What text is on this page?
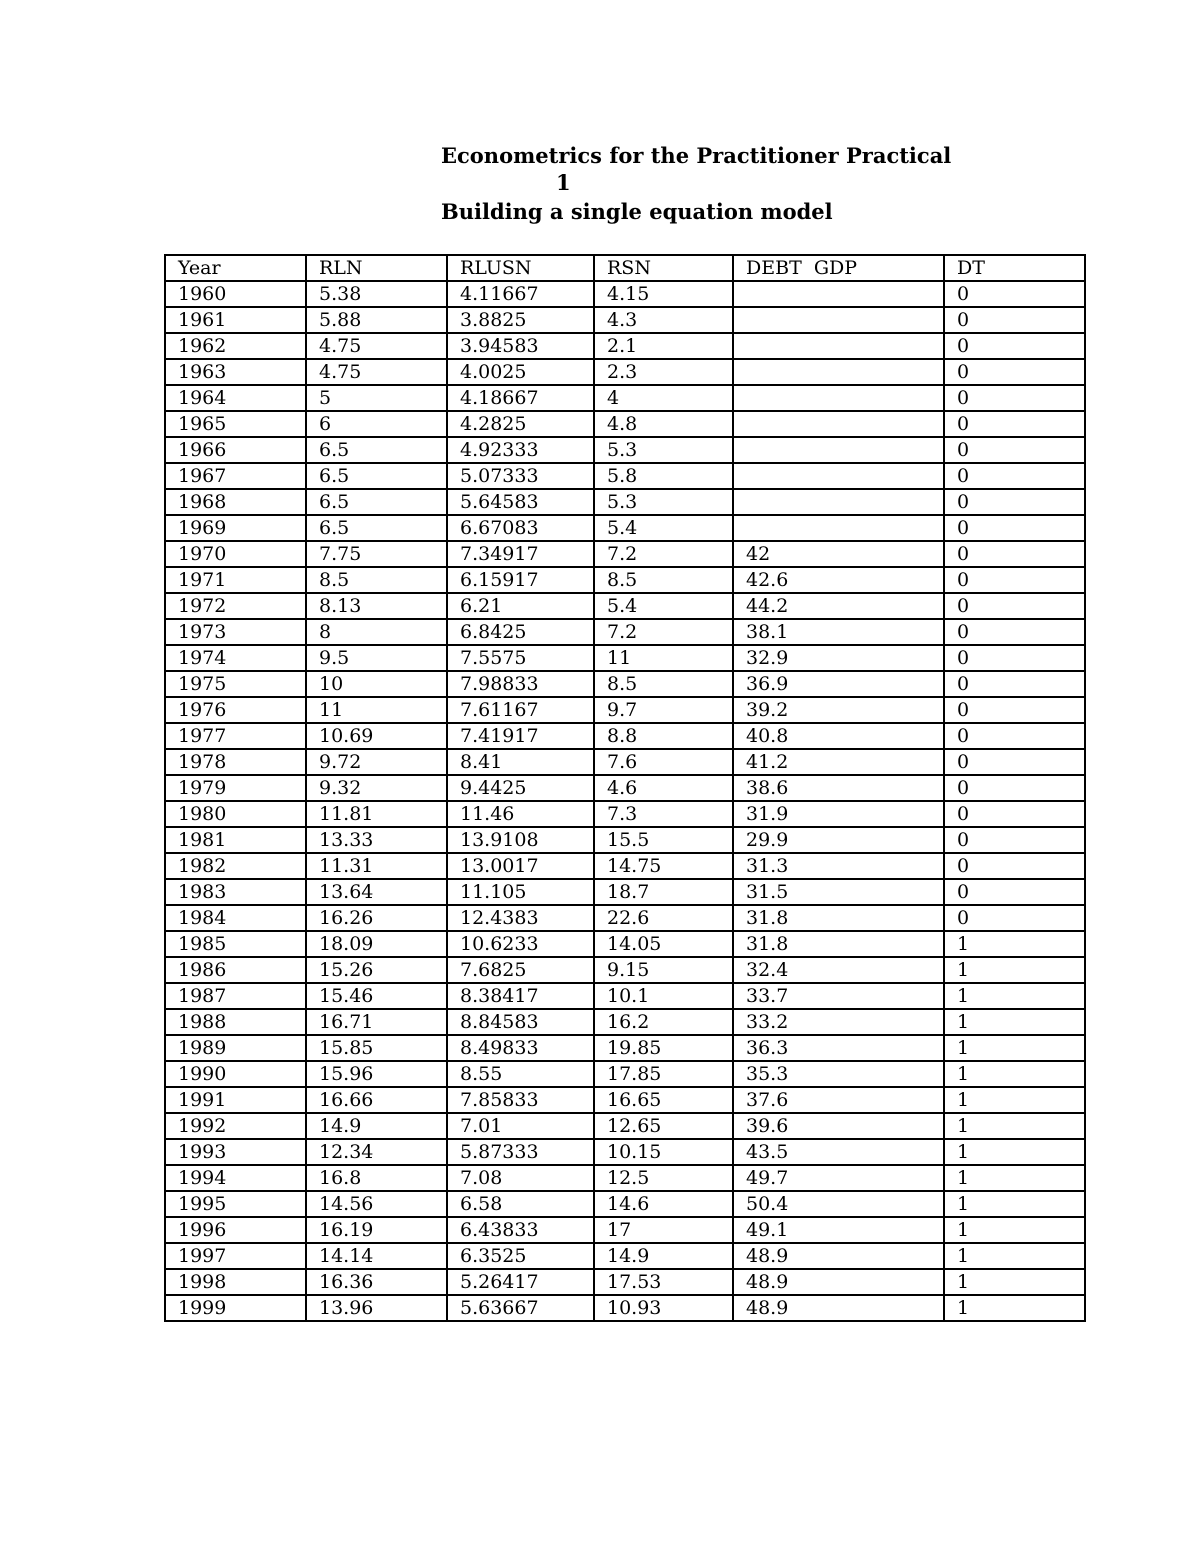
Econometrics for the Practitioner Practical
1
Building a single equation model
Year	RLN	RLUSN	RSN	DEBT  GDP	DT
1960	5.38	4.11667	4.15		0
1961	5.88	3.8825	4.3		0
1962	4.75	3.94583	2.1		0
1963	4.75	4.0025	2.3		0
1964	5	4.18667	4		0
1965	6	4.2825	4.8		0
1966	6.5	4.92333	5.3		0
1967	6.5	5.07333	5.8		0
1968	6.5	5.64583	5.3		0
1969	6.5	6.67083	5.4		0
1970	7.75	7.34917	7.2	42	0
1971	8.5	6.15917	8.5	42.6	0
1972	8.13	6.21	5.4	44.2	0
1973	8	6.8425	7.2	38.1	0
1974	9.5	7.5575	11	32.9	0
1975	10	7.98833	8.5	36.9	0
1976	11	7.61167	9.7	39.2	0
1977	10.69	7.41917	8.8	40.8	0
1978	9.72	8.41	7.6	41.2	0
1979	9.32	9.4425	4.6	38.6	0
1980	11.81	11.46	7.3	31.9	0
1981	13.33	13.9108	15.5	29.9	0
1982	11.31	13.0017	14.75	31.3	0
1983	13.64	11.105	18.7	31.5	0
1984	16.26	12.4383	22.6	31.8	0
1985	18.09	10.6233	14.05	31.8	1
1986	15.26	7.6825	9.15	32.4	1
1987	15.46	8.38417	10.1	33.7	1
1988	16.71	8.84583	16.2	33.2	1
1989	15.85	8.49833	19.85	36.3	1
1990	15.96	8.55	17.85	35.3	1
1991	16.66	7.85833	16.65	37.6	1
1992	14.9	7.01	12.65	39.6	1
1993	12.34	5.87333	10.15	43.5	1
1994	16.8	7.08	12.5	49.7	1
1995	14.56	6.58	14.6	50.4	1
1996	16.19	6.43833	17	49.1	1
1997	14.14	6.3525	14.9	48.9	1
1998	16.36	5.26417	17.53	48.9	1
1999	13.96	5.63667	10.93	48.9	1
